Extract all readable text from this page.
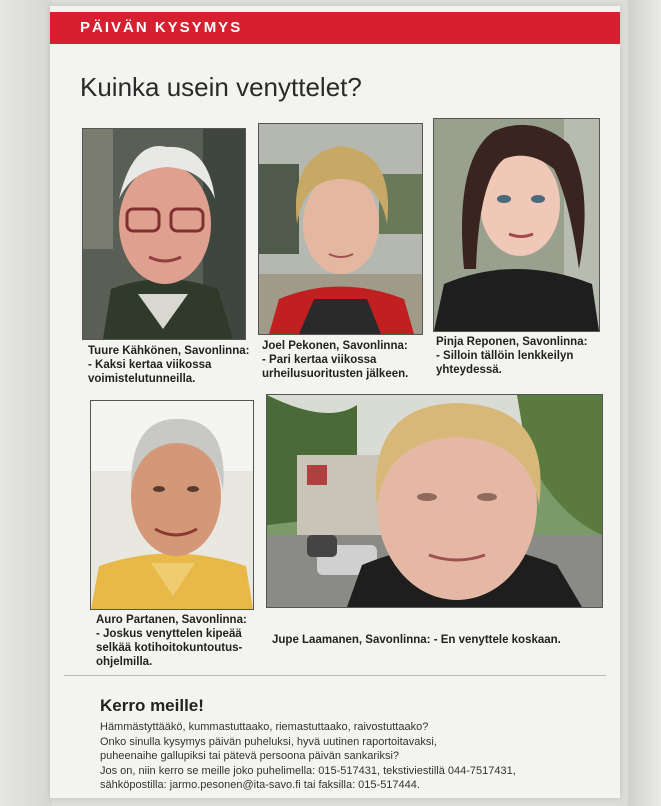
PÄIVÄN KYSYMYS
Kuinka usein venyttelet?
Tuure Kähkönen, Savonlinna:
- Kaksi kertaa viikossa
voimistelutunneilla.
Joel Pekonen, Savonlinna:
- Pari kertaa viikossa
urheilusuoritusten jälkeen.
Pinja Reponen, Savonlinna:
- Silloin tällöin lenkkeilyn
yhteydessä.
Auro Partanen, Savonlinna:
- Joskus venyttelen kipeää
selkää kotihoitokuntoutus-
ohjelmilla.
Jupe Laamanen, Savonlinna: - En venyttele koskaan.
Kerro meille!
Hämmästyttääkö, kummastuttaako, riemastuttaako, raivostuttaako?
Onko sinulla kysymys päivän puheluksi, hyvä uutinen raportoitavaksi,
puheenaihe gallupiksi tai pätevä persoona päivän sankariksi?
Jos on, niin kerro se meille joko puhelimella: 015-517431, tekstiviestillä 044-7517431,
sähköpostilla: jarmo.pesonen@ita-savo.fi tai faksilla: 015-517444.
